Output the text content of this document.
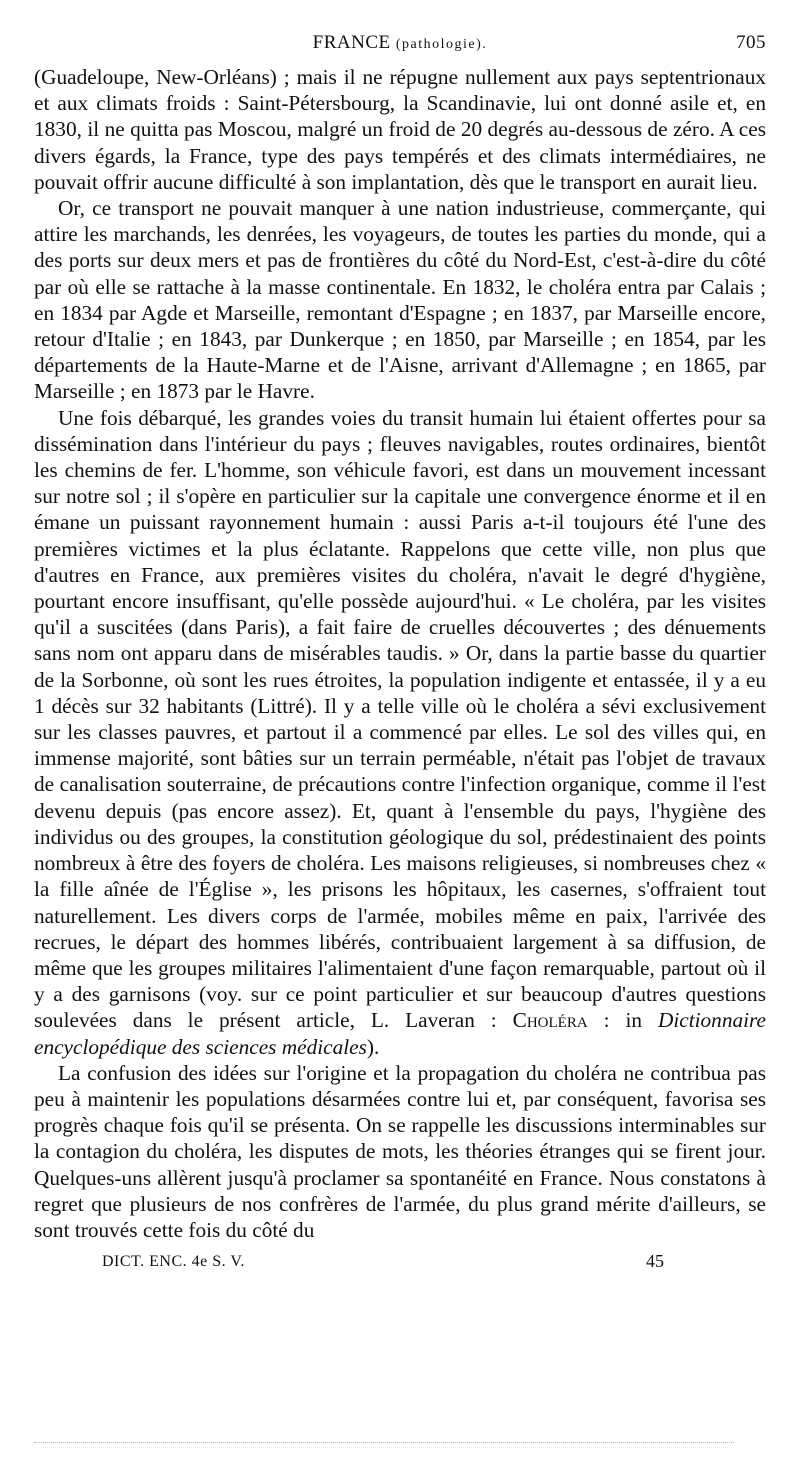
FRANCE (pathologie).	705

(Guadeloupe, New-Orléans) ; mais il ne répugne nullement aux pays septentrionaux et aux climats froids : Saint-Pétersbourg, la Scandinavie, lui ont donné asile et, en 1830, il ne quitta pas Moscou, malgré un froid de 20 degrés au-dessous de zéro. A ces divers égards, la France, type des pays tempérés et des climats intermédiaires, ne pouvait offrir aucune difficulté à son implantation, dès que le transport en aurait lieu.

Or, ce transport ne pouvait manquer à une nation industrieuse, commerçante, qui attire les marchands, les denrées, les voyageurs, de toutes les parties du monde, qui a des ports sur deux mers et pas de frontières du côté du Nord-Est, c'est-à-dire du côté par où elle se rattache à la masse continentale. En 1832, le choléra entra par Calais ; en 1834 par Agde et Marseille, remontant d'Espagne ; en 1837, par Marseille encore, retour d'Italie ; en 1843, par Dunkerque ; en 1850, par Marseille ; en 1854, par les départements de la Haute-Marne et de l'Aisne, arrivant d'Allemagne ; en 1865, par Marseille ; en 1873 par le Havre.

Une fois débarqué, les grandes voies du transit humain lui étaient offertes pour sa dissémination dans l'intérieur du pays ; fleuves navigables, routes ordinaires, bientôt les chemins de fer. L'homme, son véhicule favori, est dans un mouvement incessant sur notre sol ; il s'opère en particulier sur la capitale une convergence énorme et il en émane un puissant rayonnement humain : aussi Paris a-t-il toujours été l'une des premières victimes et la plus éclatante. Rappelons que cette ville, non plus que d'autres en France, aux premières visites du choléra, n'avait le degré d'hygiène, pourtant encore insuffisant, qu'elle possède aujourd'hui. « Le choléra, par les visites qu'il a suscitées (dans Paris), a fait faire de cruelles découvertes ; des dénuements sans nom ont apparu dans de misérables taudis. » Or, dans la partie basse du quartier de la Sorbonne, où sont les rues étroites, la population indigente et entassée, il y a eu 1 décès sur 32 habitants (Littré). Il y a telle ville où le choléra a sévi exclusivement sur les classes pauvres, et partout il a commencé par elles. Le sol des villes qui, en immense majorité, sont bâties sur un terrain perméable, n'était pas l'objet de travaux de canalisation souterraine, de précautions contre l'infection organique, comme il l'est devenu depuis (pas encore assez). Et, quant à l'ensemble du pays, l'hygiène des individus ou des groupes, la constitution géologique du sol, prédestinaient des points nombreux à être des foyers de choléra. Les maisons religieuses, si nombreuses chez « la fille aînée de l'Église », les prisons les hôpitaux, les casernes, s'offraient tout naturellement. Les divers corps de l'armée, mobiles même en paix, l'arrivée des recrues, le départ des hommes libérés, contribuaient largement à sa diffusion, de même que les groupes militaires l'alimentaient d'une façon remarquable, partout où il y a des garnisons (voy. sur ce point particulier et sur beaucoup d'autres questions soulevées dans le présent article, L. Laveran : Choléra : in Dictionnaire encyclopédique des sciences médicales).

La confusion des idées sur l'origine et la propagation du choléra ne contribua pas peu à maintenir les populations désarmées contre lui et, par conséquent, favorisa ses progrès chaque fois qu'il se présenta. On se rappelle les discussions interminables sur la contagion du choléra, les disputes de mots, les théories étranges qui se firent jour. Quelques-uns allèrent jusqu'à proclamer sa spontanéité en France. Nous constatons à regret que plusieurs de nos confrères de l'armée, du plus grand mérite d'ailleurs, se sont trouvés cette fois du côté du

DICT. ENC. 4e S. V.	45
